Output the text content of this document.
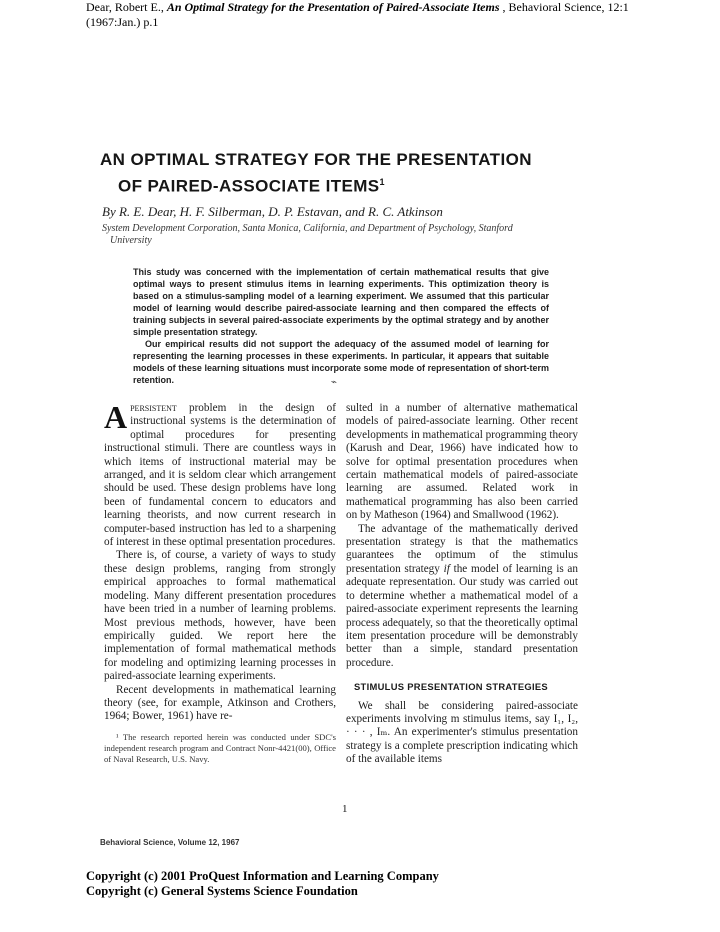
Dear, Robert E., An Optimal Strategy for the Presentation of Paired-Associate Items , Behavioral Science, 12:1 (1967:Jan.) p.1
AN OPTIMAL STRATEGY FOR THE PRESENTATION
OF PAIRED-ASSOCIATE ITEMS$^1$
By R. E. Dear, H. F. Silberman, D. P. Estavan, and R. C. Atkinson
System Development Corporation, Santa Monica, California, and Department of Psychology, Stanford
University

This study was concerned with the implementation of certain mathematical results that give optimal ways to present stimulus items in learning experiments. This optimization theory is based on a stimulus-sampling model of a learning experiment. We assumed that this particular model of learning would describe paired-associate learning and then compared the effects of training subjects in several paired-associate experiments by the optimal strategy and by another simple presentation strategy.

Our empirical results did not support the adequacy of the assumed model of learning for representing the learning processes in these experiments. In particular, it appears that suitable models of these learning situations must incorporate some mode of representation of short-term retention.	⌁

Apersistent problem in the design of instructional systems is the determination of optimal procedures for presenting instructional stimuli. There are countless ways in which items of instructional material may be arranged, and it is seldom clear which arrangement should be used. These design problems have long been of fundamental concern to educators and learning theorists, and now current research in computer-based instruction has led to a sharpening of interest in these optimal presentation procedures.

There is, of course, a variety of ways to study these design problems, ranging from strongly empirical approaches to formal mathematical modeling. Many different presentation procedures have been tried in a number of learning problems. Most previous methods, however, have been empirically guided. We report here the implementation of formal mathematical methods for modeling and optimizing learning processes in paired-associate learning experiments.

Recent developments in mathematical learning theory (see, for example, Atkinson and Crothers, 1964; Bower, 1961) have re-

¹ The research reported herein was conducted under SDC's independent research program and Contract Nonr-4421(00), Office of Naval Research, U.S. Navy.

sulted in a number of alternative mathematical models of paired-associate learning. Other recent developments in mathematical programming theory (Karush and Dear, 1966) have indicated how to solve for optimal presentation procedures when certain mathematical models of paired-associate learning are assumed. Related work in mathematical programming has also been carried on by Matheson (1964) and Smallwood (1962).

The advantage of the mathematically derived presentation strategy is that the mathematics guarantees the optimum of the stimulus presentation strategy if the model of learning is an adequate representation. Our study was carried out to determine whether a mathematical model of a paired-associate experiment represents the learning process adequately, so that the theoretically optimal item presentation procedure will be demonstrably better than a simple, standard presentation procedure.

STIMULUS PRESENTATION STRATEGIES

We shall be considering paired-associate experiments involving m stimulus items, say I₁, I₂, · · · , Iₘ. An experimenter's stimulus presentation strategy is a complete prescription indicating which of the available items

1
Behavioral Science, Volume 12, 1967
Copyright (c) 2001 ProQuest Information and Learning Company
Copyright (c) General Systems Science Foundation
